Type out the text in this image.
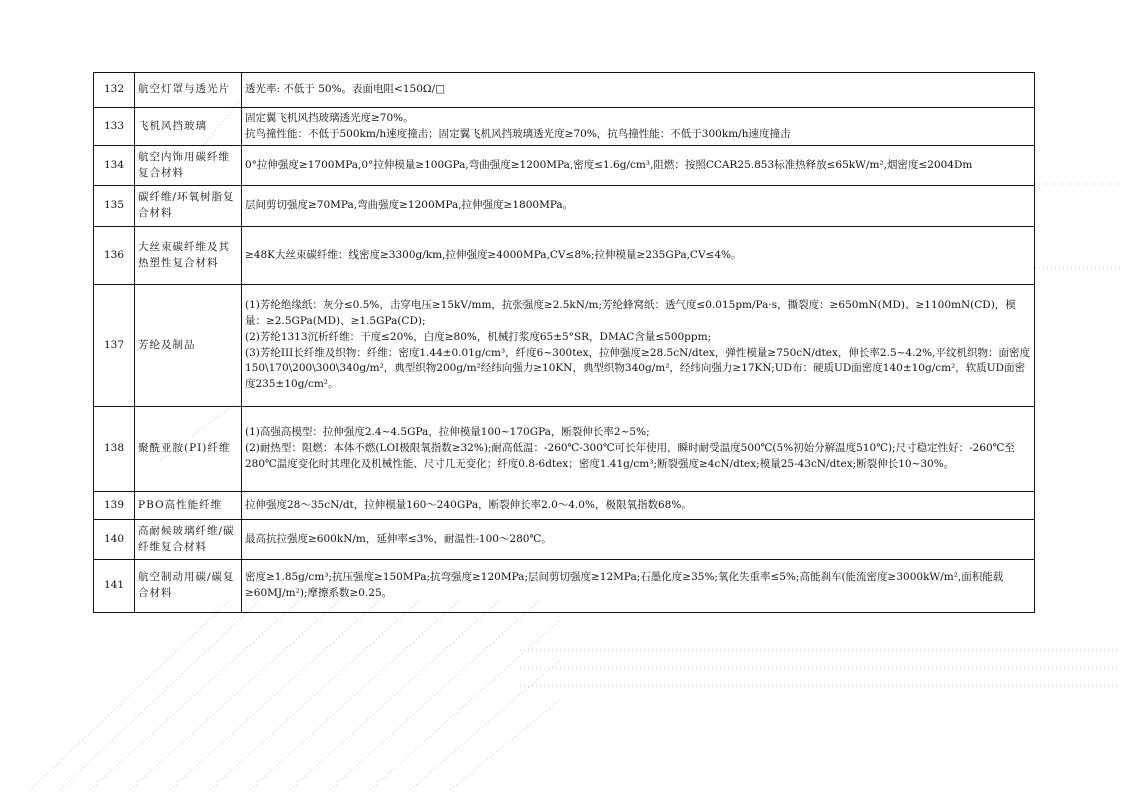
132	航空灯罩与透光片	透光率: 不低于 50%。表面电阻<150Ω/□

133	飞机风挡玻璃	固定翼飞机风挡玻璃透光度≥70%。
抗鸟撞性能：不低于500km/h速度撞击；固定翼飞机风挡玻璃透光度≥70%，抗鸟撞性能：不低于300km/h速度撞击

134	航空内饰用碳纤维复合材料	0°拉伸强度≥1700MPa,0°拉伸模量≥100GPa,弯曲强度≥1200MPa,密度≤1.6g/cm³,阻燃：按照CCAR25.853标准热释放≤65kW/m²,烟密度≤2004Dm

135	碳纤维/环氧树脂复合材料	层间剪切强度≥70MPa,弯曲强度≥1200MPa,拉伸强度≥1800MPa。

136	大丝束碳纤维及其热塑性复合材料	≥48K大丝束碳纤维：线密度≥3300g/km,拉伸强度≥4000MPa,CV≤8%;拉伸模量≥235GPa,CV≤4%。

137	芳纶及制品	(1)芳纶绝缘纸：灰分≤0.5%，击穿电压≥15kV/mm，抗张强度≥2.5kN/m;芳纶蜂窝纸：透气度≤0.015pm/Pa·s，撕裂度：≥650mN(MD)、≥1100mN(CD)，模量：≥2.5GPa(MD)、≥1.5GPa(CD);
(2)芳纶1313沉析纤维：干度≤20%，白度≥80%，机械打浆度65±5°SR，DMAC含量≤500ppm;
(3)芳纶III长纤维及织物：纤维：密度1.44±0.01g/cm³，纤度6~300tex，拉伸强度≥28.5cN/dtex，弹性模量≥750cN/dtex，伸长率2.5~4.2%,平纹机织物：面密度150\170\200\300\340g/m²，典型织物200g/m²经纬向强力≥10KN，典型织物340g/m²，经纬向强力≥17KN;UD布：硬质UD面密度140±10g/cm²，软质UD面密度235±10g/cm²。

138	聚酰亚胺(PI)纤维	(1)高强高模型：拉伸强度2.4~4.5GPa，拉伸模量100~170GPa，断裂伸长率2~5%;
(2)耐热型：阻燃：本体不燃(LOI极限氧指数≥32%);耐高低温：-260℃-300℃可长年使用，瞬时耐受温度500℃(5%初始分解温度510℃);尺寸稳定性好：-260℃至280℃温度变化时其理化及机械性能、尺寸几无变化；纤度0.8-6dtex；密度1.41g/cm³;断裂强度≥4cN/dtex;模量25-43cN/dtex;断裂伸长10~30%。

139	PBO高性能纤维	拉伸强度28～35cN/dt，拉伸模量160～240GPa，断裂伸长率2.0～4.0%，极限氧指数68%。

140	高耐候玻璃纤维/碳纤维复合材料	最高抗拉强度≥600kN/m，延伸率≤3%，耐温性-100～280℃。

141	航空制动用碳/碳复合材料	密度≥1.85g/cm³;抗压强度≥150MPa;抗弯强度≥120MPa;层间剪切强度≥12MPa;石墨化度≥35%;氧化失重率≤5%;高能刹车(能流密度≥3000kW/m²,面积能载≥60MJ/m²);摩擦系数≥0.25。
